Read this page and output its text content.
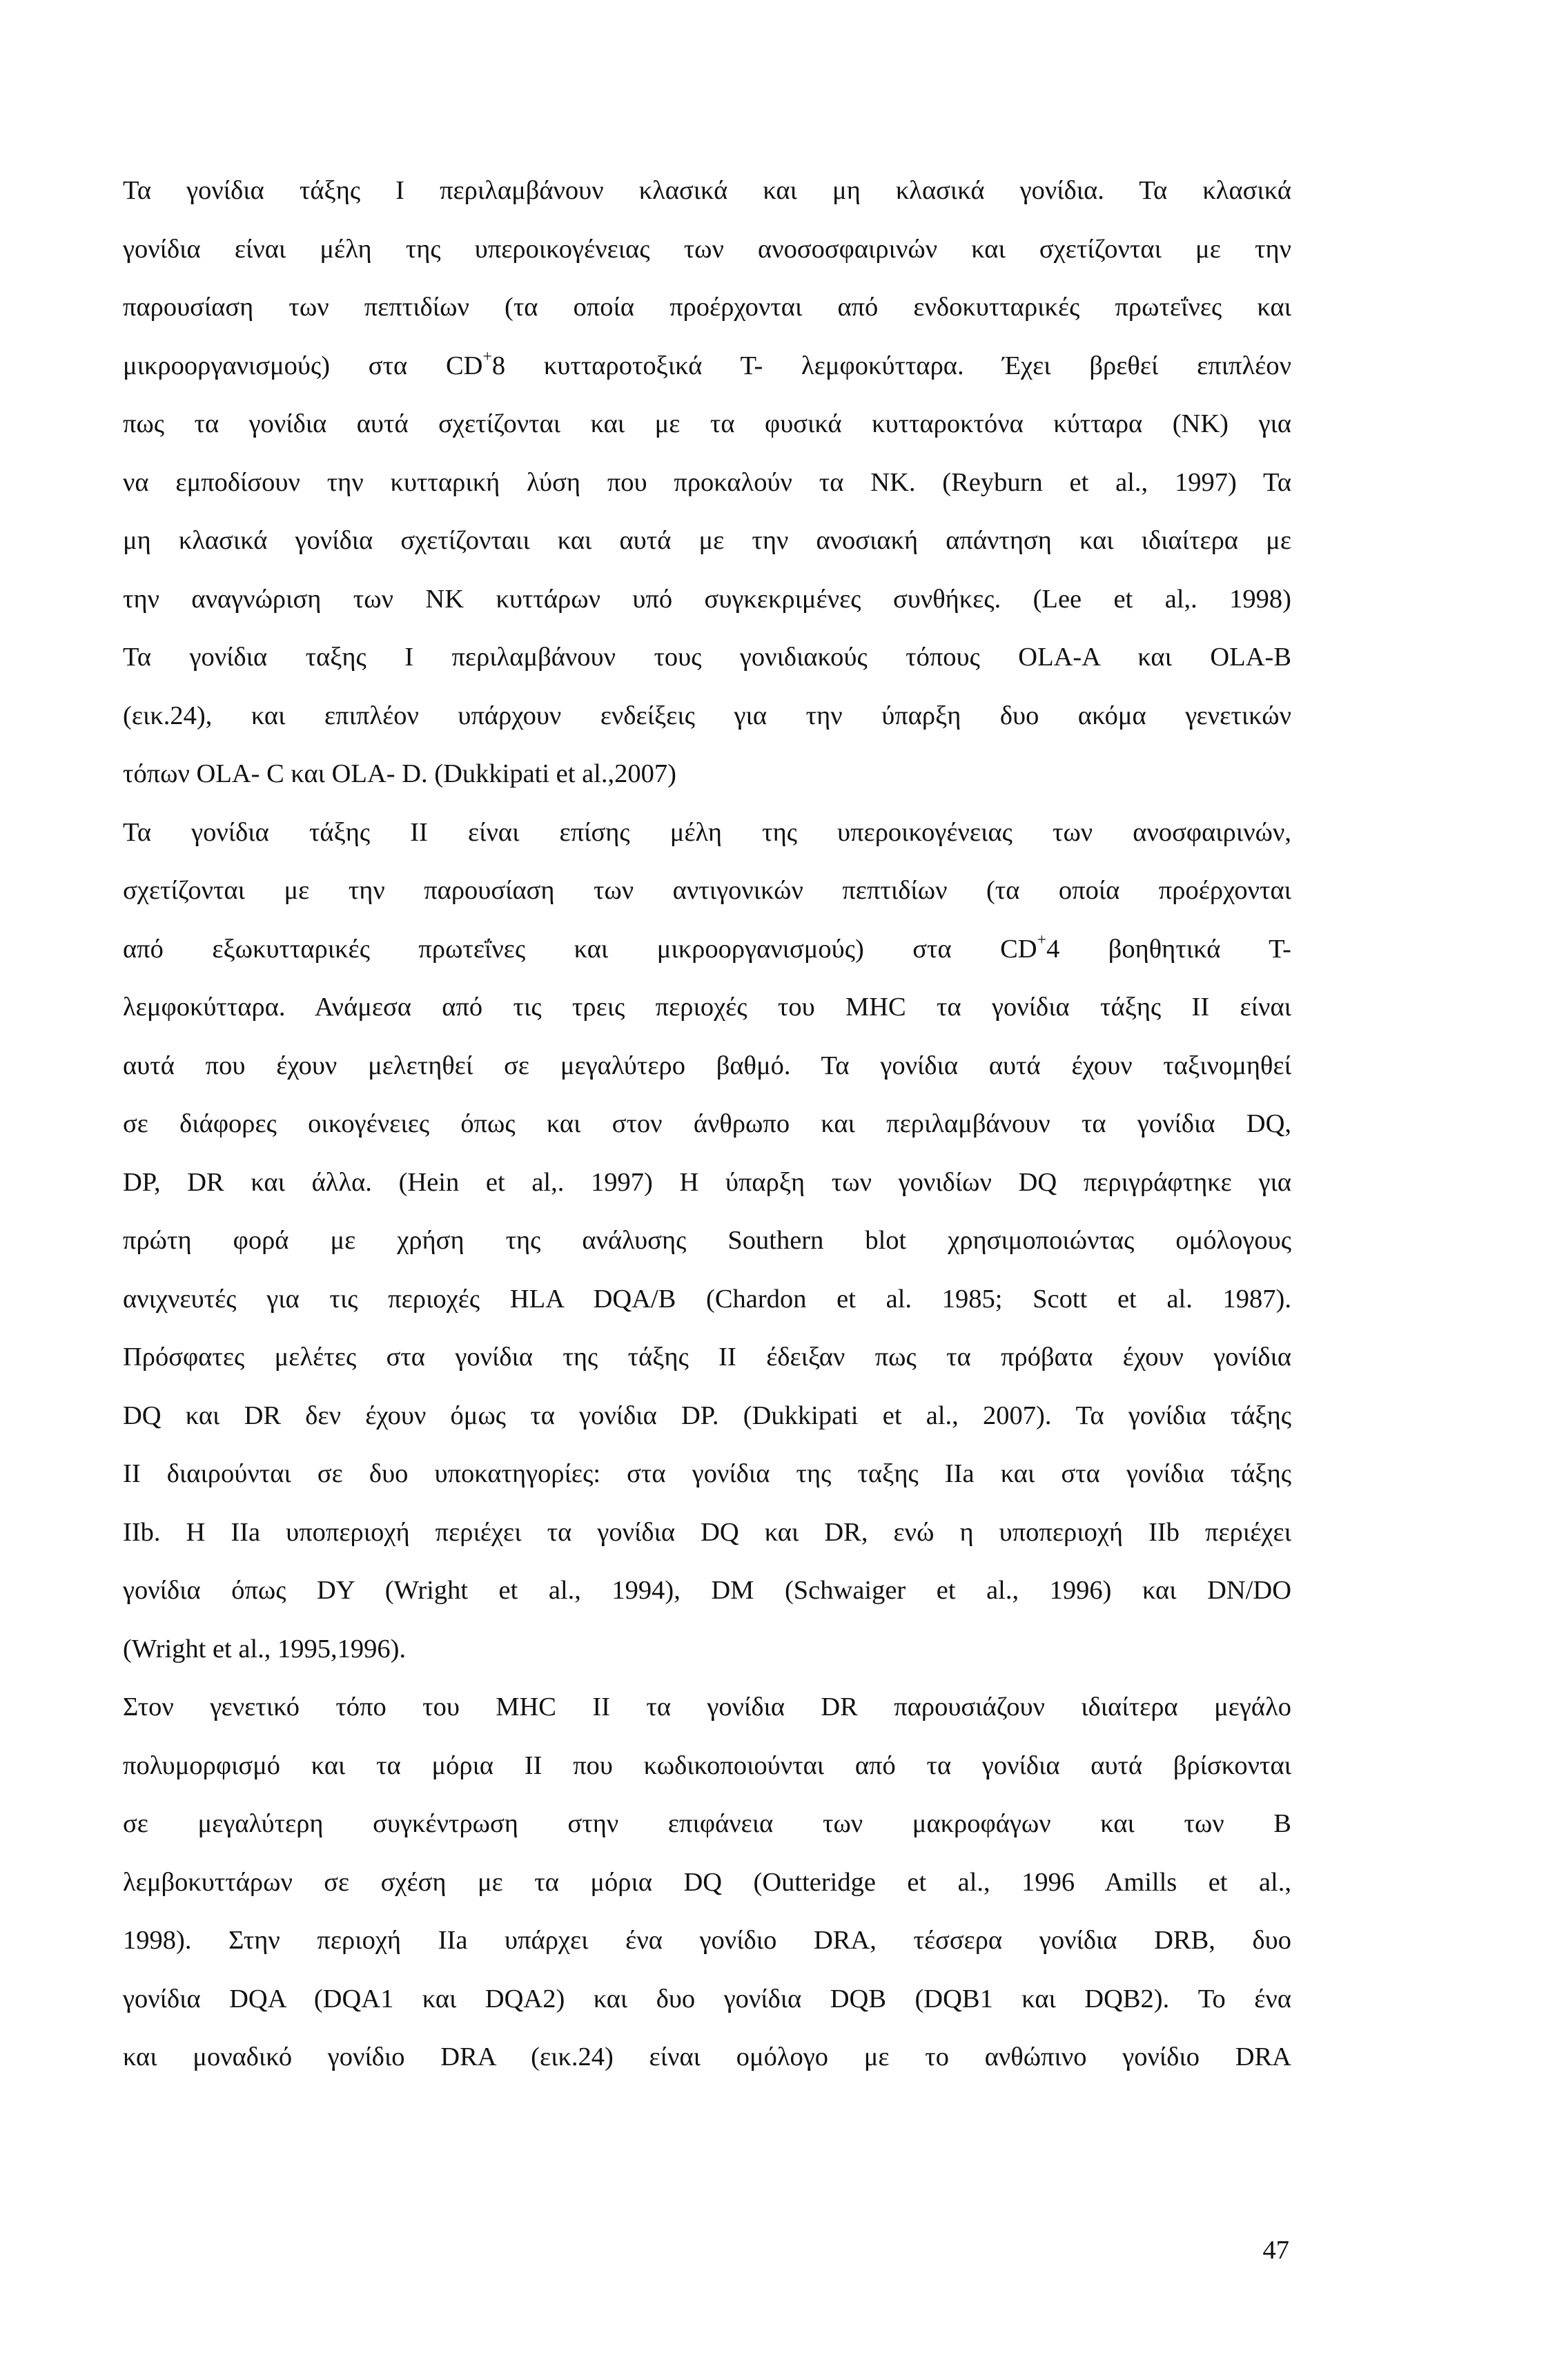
Τα γονίδια τάξης Ι περιλαμβάνουν κλασικά και μη κλασικά γονίδια. Τα κλασικά
γονίδια είναι μέλη της υπεροικογένειας των ανοσοσφαιρινών και σχετίζονται με την
παρουσίαση των πεπτιδίων (τα οποία προέρχονται από ενδοκυτταρικές πρωτεΐνες και
μικροοργανισμούς) στα CD+8 κυτταροτοξικά Τ- λεμφοκύτταρα. Έχει βρεθεί επιπλέον
πως τα γονίδια αυτά σχετίζονται και με τα φυσικά κυτταροκτόνα κύτταρα (ΝΚ) για
να εμποδίσουν την κυτταρική λύση που προκαλούν τα ΝΚ. (Reyburn et al., 1997) Τα
μη κλασικά γονίδια σχετίζονταιι και αυτά με την ανοσιακή απάντηση και ιδιαίτερα με
την αναγνώριση των ΝΚ κυττάρων υπό συγκεκριμένες συνθήκες. (Lee et al,. 1998)
Τα γονίδια ταξης Ι περιλαμβάνουν τους γονιδιακούς τόπους OLA-A και OLA-B
(εικ.24), και επιπλέον υπάρχουν ενδείξεις για την ύπαρξη δυο ακόμα γενετικών
τόπων OLA- C και OLA- D. (Dukkipati et al.,2007)
Τα γονίδια τάξης ΙΙ είναι επίσης μέλη της υπεροικογένειας των ανοσφαιρινών,
σχετίζονται με την παρουσίαση των αντιγονικών πεπτιδίων (τα οποία προέρχονται
από εξωκυτταρικές πρωτεΐνες και μικροοργανισμούς) στα CD+4 βοηθητικά Τ-
λεμφοκύτταρα. Ανάμεσα από τις τρεις περιοχές του MHC τα γονίδια τάξης ΙΙ είναι
αυτά που έχουν μελετηθεί σε μεγαλύτερο βαθμό. Τα γονίδια αυτά έχουν ταξινομηθεί
σε διάφορες οικογένειες όπως και στον άνθρωπο και περιλαμβάνουν τα γονίδια DQ,
DP, DR και άλλα. (Hein et al,. 1997) Η ύπαρξη των γονιδίων DQ περιγράφτηκε για
πρώτη φορά με χρήση της ανάλυσης Southern blot χρησιμοποιώντας ομόλογους
ανιχνευτές για τις περιοχές HLA DQA/B (Chardon et al. 1985; Scott et al. 1987).
Πρόσφατες μελέτες στα γονίδια της τάξης ΙΙ έδειξαν πως τα πρόβατα έχουν γονίδια
DQ και DR δεν έχουν όμως τα γονίδια DP. (Dukkipati et al., 2007). Τα γονίδια τάξης
ΙΙ διαιρούνται σε δυο υποκατηγορίες: στα γονίδια της ταξης ΙΙa και στα γονίδια τάξης
IIb. Η ΙΙa υποπεριοχή περιέχει τα γονίδια DQ και DR, ενώ η υποπεριοχή IIb περιέχει
γονίδια όπως DY (Wright et al., 1994), DM (Schwaiger et al., 1996) και DN/DO
(Wright et al., 1995,1996).
Στον γενετικό τόπο του MHC II τα γονίδια DR παρουσιάζουν ιδιαίτερα μεγάλο
πολυμορφισμό και τα μόρια ΙΙ που κωδικοποιούνται από τα γονίδια αυτά βρίσκονται
σε μεγαλύτερη συγκέντρωση στην επιφάνεια των μακροφάγων και των Β
λεμβοκυττάρων σε σχέση με τα μόρια DQ (Outteridge et al., 1996 Amills et al.,
1998). Στην περιοχή ΙΙa υπάρχει ένα γονίδιο DRA, τέσσερα γονίδια DRB, δυο
γονίδια DQA (DQA1 και DQA2) και δυο γονίδια DQB (DQB1 και DQB2). Το ένα
και μοναδικό γονίδιο DRA (εικ.24) είναι ομόλογο με το ανθώπινο γονίδιο DRA
47
